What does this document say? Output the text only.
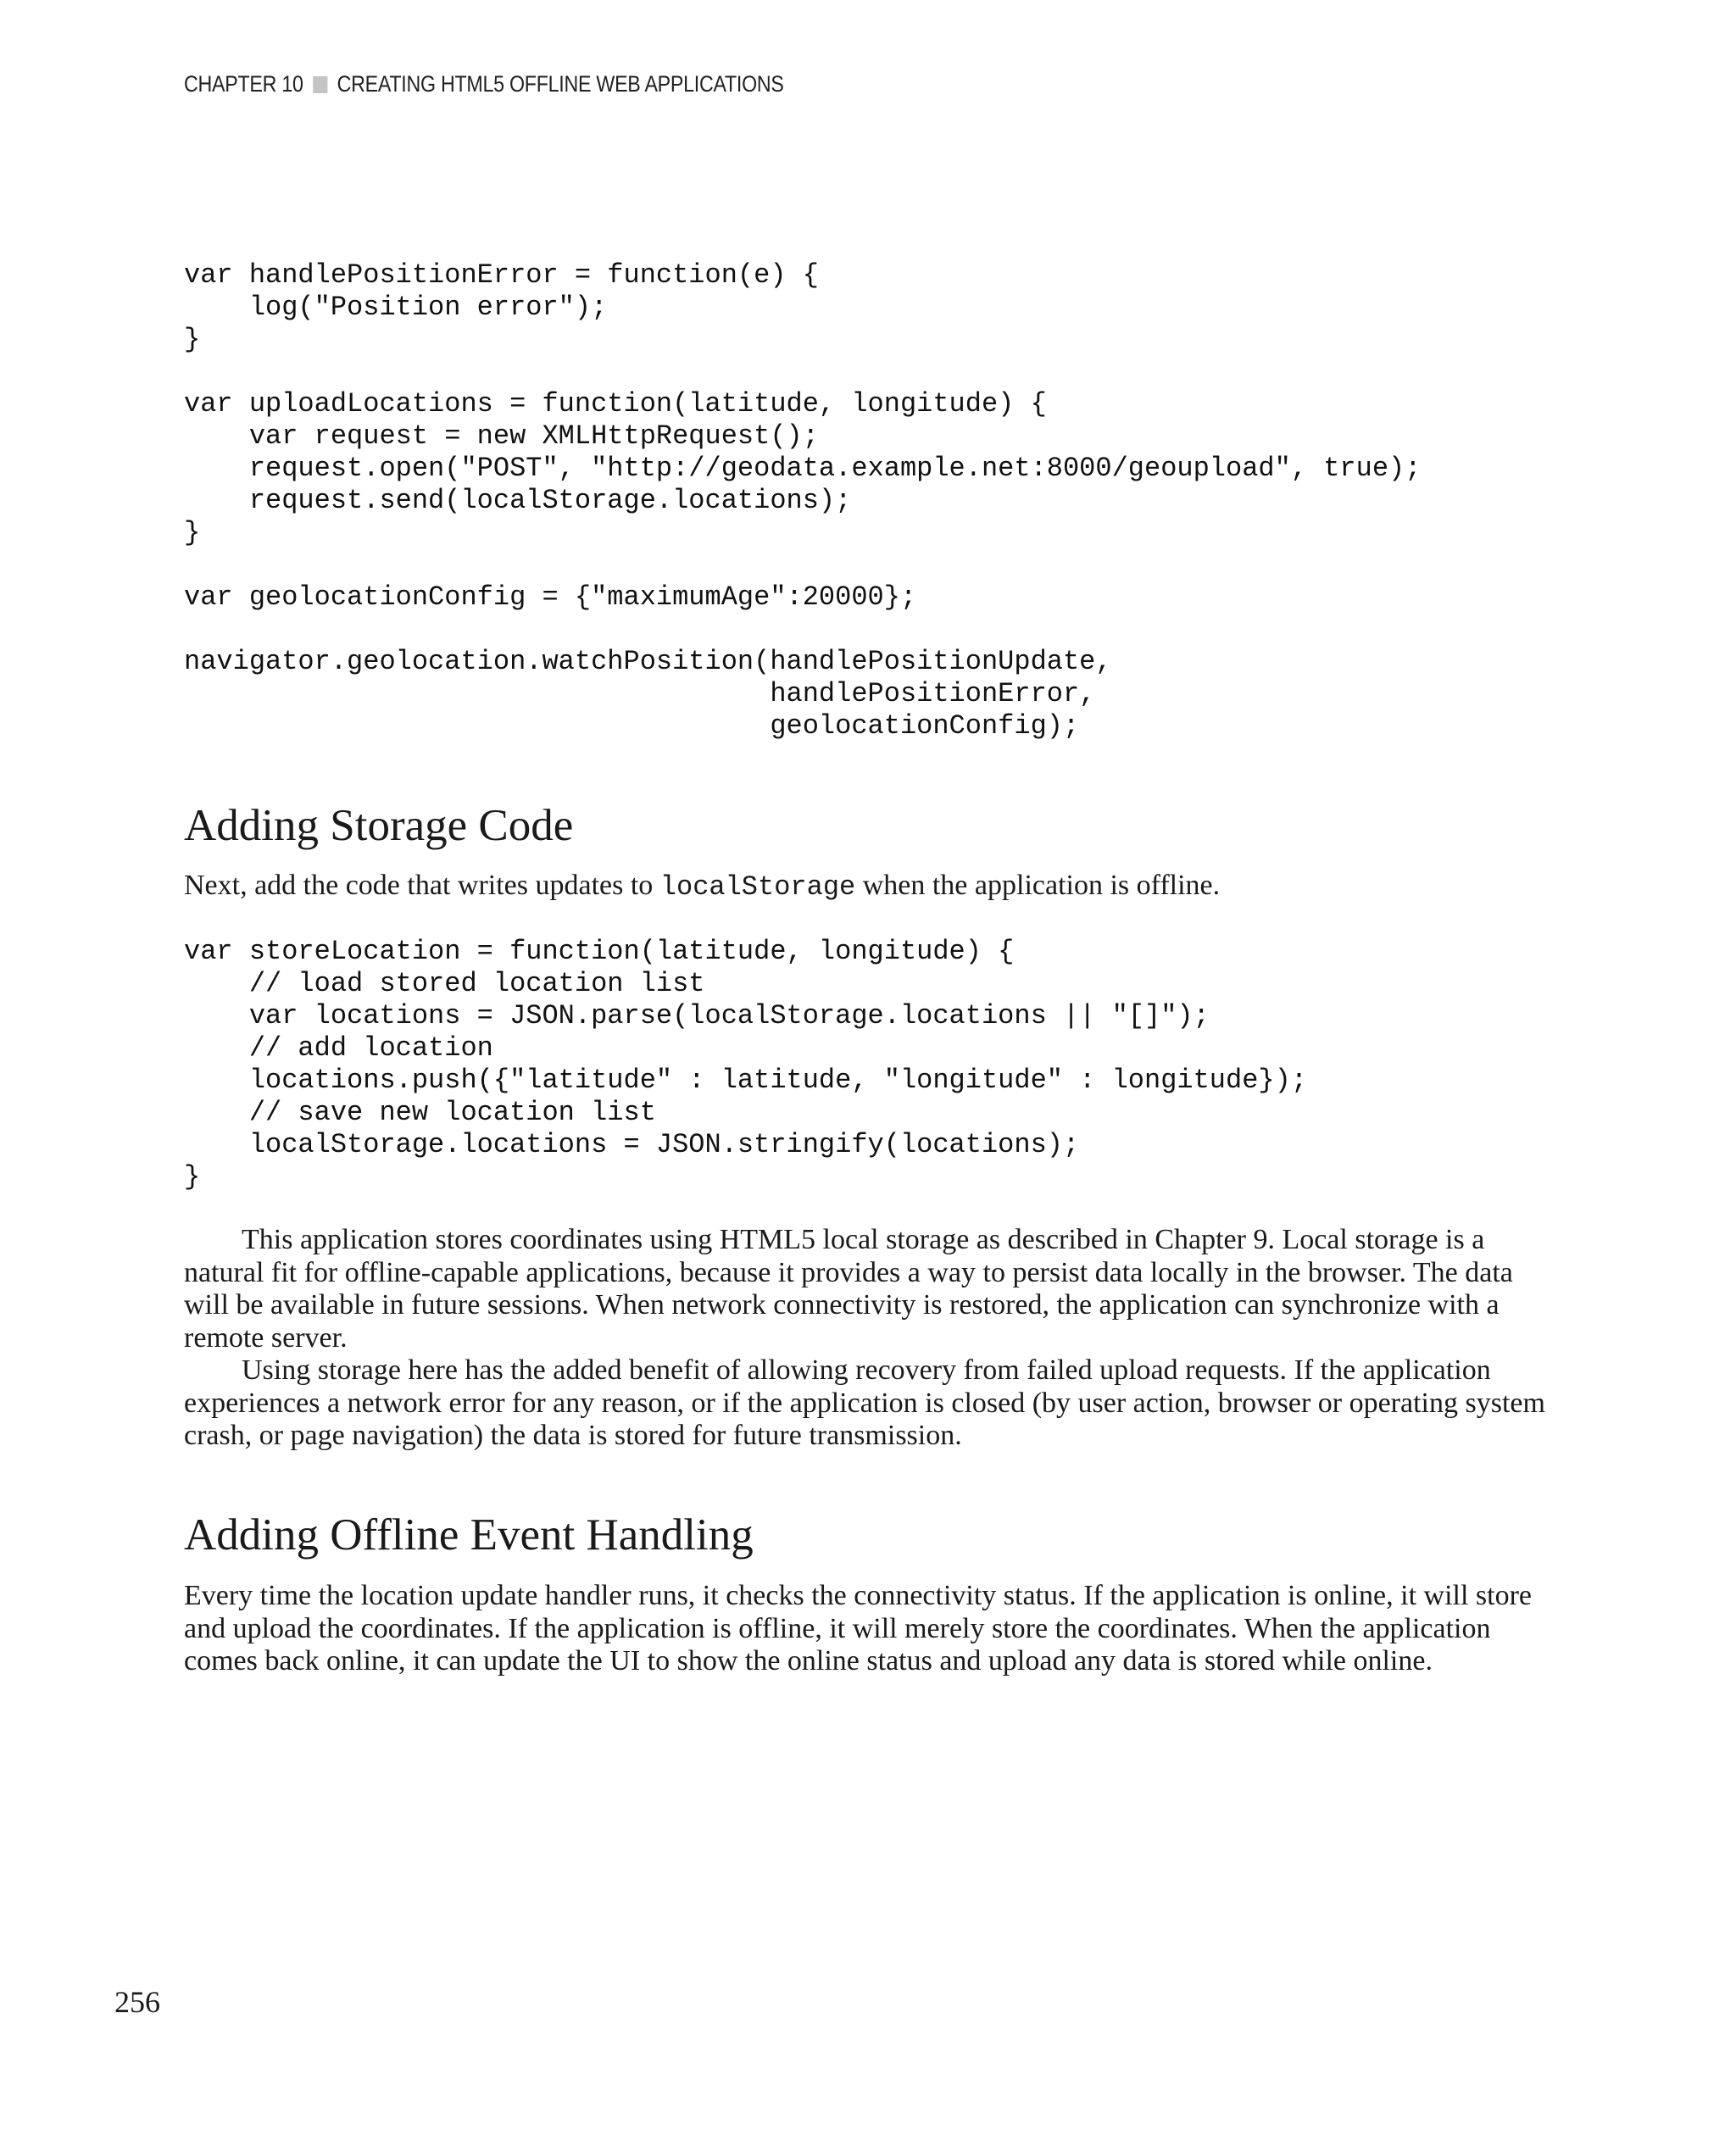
CHAPTER 10 CREATING HTML5 OFFLINE WEB APPLICATIONS
var handlePositionError = function(e) {
log("Position error");
}
var uploadLocations = function(latitude, longitude) {
var request = new XMLHttpRequest();
request.open("POST", "http://geodata.example.net:8000/geoupload", true);
request.send(localStorage.locations);
}
var geolocationConfig = {"maximumAge":20000};
navigator.geolocation.watchPosition(handlePositionUpdate,
handlePositionError,
geolocationConfig);
Adding Storage Code

Next, add the code that writes updates to localStorage when the application is offline.

var storeLocation = function(latitude, longitude) {
// load stored location list
var locations = JSON.parse(localStorage.locations || "[]");
// add location
locations.push({"latitude" : latitude, "longitude" : longitude});
// save new location list
localStorage.locations = JSON.stringify(locations);
}

This application stores coordinates using HTML5 local storage as described in Chapter 9. Local storage is a natural fit for offline-capable applications, because it provides a way to persist data locally in the browser. The data will be available in future sessions. When network connectivity is restored, the application can synchronize with a remote server.

Using storage here has the added benefit of allowing recovery from failed upload requests. If the application experiences a network error for any reason, or if the application is closed (by user action, browser or operating system crash, or page navigation) the data is stored for future transmission.

Adding Offline Event Handling

Every time the location update handler runs, it checks the connectivity status. If the application is online, it will store and upload the coordinates. If the application is offline, it will merely store the coordinates. When the application comes back online, it can update the UI to show the online status and upload any data is stored while online.

256
